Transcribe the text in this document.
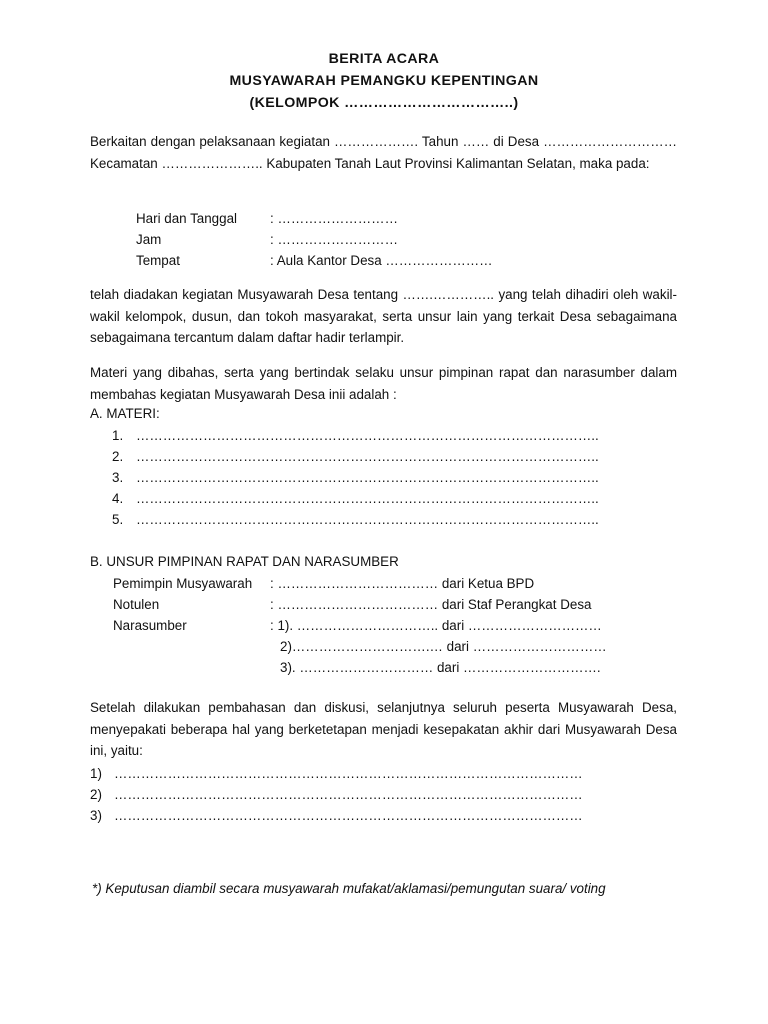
BERITA ACARA
MUSYAWARAH PEMANGKU KEPENTINGAN
(KELOMPOK ……………………………..)
Berkaitan dengan pelaksanaan kegiatan ………………. Tahun …… di Desa ………………………… Kecamatan ………………….. Kabupaten Tanah Laut Provinsi Kalimantan Selatan, maka pada:
Hari dan Tanggal : ………………………
Jam	: ………………………
Tempat	: Aula Kantor Desa ……………………
telah diadakan kegiatan Musyawarah Desa tentang …….………….. yang telah dihadiri oleh wakil-wakil kelompok, dusun, dan tokoh masyarakat, serta unsur lain yang terkait Desa sebagaimana sebagaimana tercantum dalam daftar hadir terlampir.
Materi yang dibahas, serta yang bertindak selaku unsur pimpinan rapat dan narasumber dalam membahas kegiatan Musyawarah Desa inii adalah :
A. MATERI:
1. …………………………………………………………………………………………..
2. …………………………………………………………………………………………..
3. …………………………………………………………………………………………..
4. …………………………………………………………………………………………..
5. …………………………………………………………………………………………..
B. UNSUR PIMPINAN RAPAT DAN NARASUMBER
Pemimpin Musyawarah : ……………………………… dari Ketua BPD
Notulen	: ……………………………… dari Staf Perangkat Desa
Narasumber	: 1). ………………………….. dari …………………………
2)………………………….… dari …………………………
3). ………………………… dari ………………………….
Setelah dilakukan pembahasan dan diskusi, selanjutnya seluruh peserta Musyawarah Desa, menyepakati beberapa hal yang berketetapan menjadi kesepakatan akhir dari Musyawarah Desa ini, yaitu:
1) ……………………………………………………………………………………………
2) ……………………………………………………………………………………………
3) ……………………………………………………………………………………………
*) Keputusan diambil secara musyawarah mufakat/aklamasi/pemungutan suara/ voting
